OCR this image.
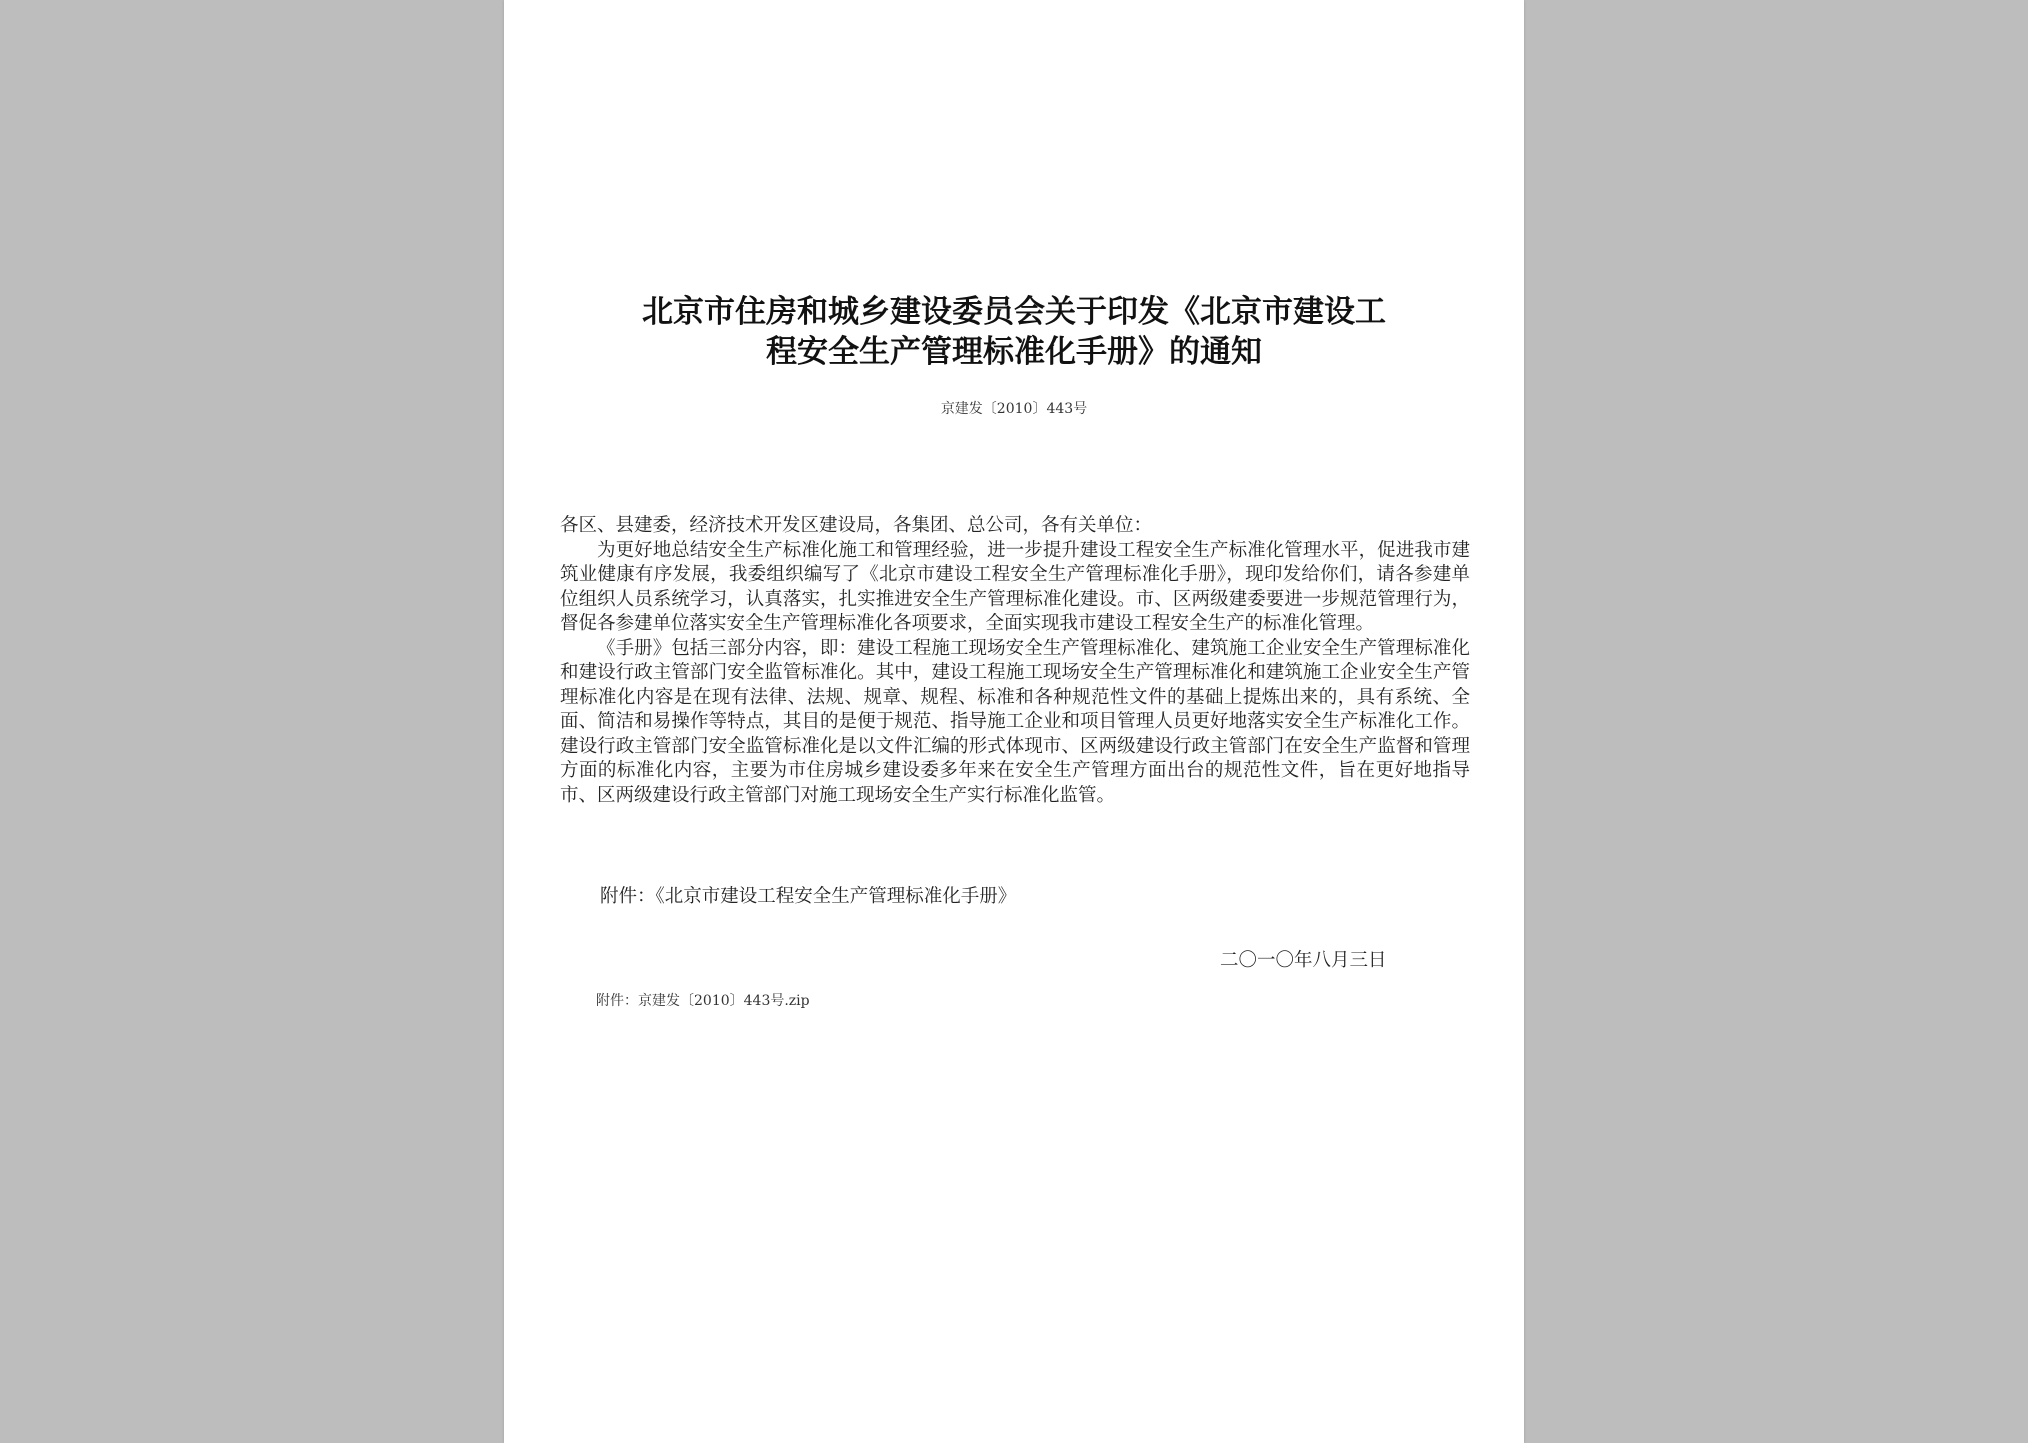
北京市住房和城乡建设委员会关于印发《北京市建设工
程安全生产管理标准化手册》的通知
京建发〔2010〕443号
各区、县建委，经济技术开发区建设局，各集团、总公司，各有关单位：

为更好地总结安全生产标准化施工和管理经验，进一步提升建设工程安全生产标准化管理水平，促进我市建筑业健康有序发展，我委组织编写了《北京市建设工程安全生产管理标准化手册》，现印发给你们，请各参建单位组织人员系统学习，认真落实，扎实推进安全生产管理标准化建设。市、区两级建委要进一步规范管理行为，督促各参建单位落实安全生产管理标准化各项要求，全面实现我市建设工程安全生产的标准化管理。

《手册》包括三部分内容，即：建设工程施工现场安全生产管理标准化、建筑施工企业安全生产管理标准化和建设行政主管部门安全监管标准化。其中，建设工程施工现场安全生产管理标准化和建筑施工企业安全生产管理标准化内容是在现有法律、法规、规章、规程、标准和各种规范性文件的基础上提炼出来的，具有系统、全面、简洁和易操作等特点，其目的是便于规范、指导施工企业和项目管理人员更好地落实安全生产标准化工作。建设行政主管部门安全监管标准化是以文件汇编的形式体现市、区两级建设行政主管部门在安全生产监督和管理方面的标准化内容，主要为市住房城乡建设委多年来在安全生产管理方面出台的规范性文件，旨在更好地指导市、区两级建设行政主管部门对施工现场安全生产实行标准化监管。

附件：《北京市建设工程安全生产管理标准化手册》
二〇一〇年八月三日
附件：京建发〔2010〕443号.zip
